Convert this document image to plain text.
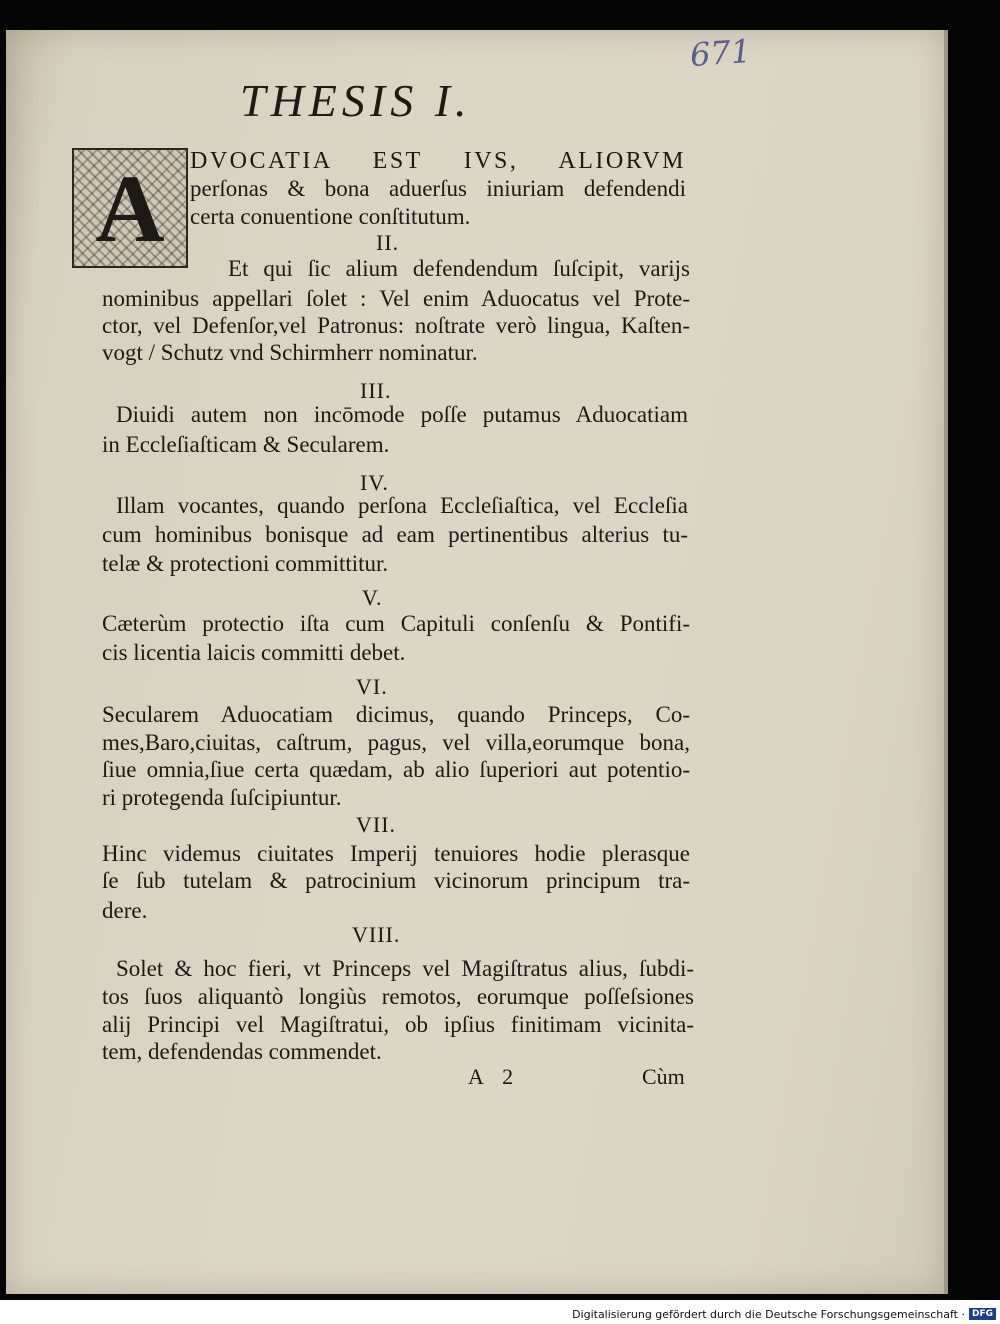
671
THESIS I.
A	DVOCATIA EST IVS, ALIORVM
perſonas & bona aduerſus iniuriam defendendi
certa conuentione conſtitutum.
II.
Et qui ſic alium defendendum ſuſcipit, varijs
nominibus appellari ſolet : Vel enim Aduocatus vel Prote-
ctor, vel Defenſor,vel Patronus: noſtrate verò lingua, Kaſten-
vogt / Schutz vnd Schirmherr nominatur.
III.
Diuidi autem non incōmode poſſe putamus Aduocatiam
in Eccleſiaſticam & Secularem.
IV.
Illam vocantes, quando perſona Eccleſiaſtica, vel Eccleſia
cum hominibus bonisque ad eam pertinentibus alterius tu-
telæ & protectioni committitur.
V.
Cæterùm protectio iſta cum Capituli conſenſu & Pontifi-
cis licentia laicis committi debet.
VI.
Secularem Aduocatiam dicimus, quando Princeps, Co-
mes,Baro,ciuitas, caſtrum, pagus, vel villa,eorumque bona,
ſiue omnia,ſiue certa quædam, ab alio ſuperiori aut potentio-
ri protegenda ſuſcipiuntur.
VII.
Hinc videmus ciuitates Imperij tenuiores hodie plerasque
ſe ſub tutelam & patrocinium vicinorum principum tra-
dere.
VIII.
Solet & hoc fieri, vt Princeps vel Magiſtratus alius, ſubdi-
tos ſuos aliquantò longiùs remotos, eorumque poſſeſsiones
alij Principi vel Magiſtratui, ob ipſius finitimam vicinita-
tem, defendendas commendet.
A 2	Cùm
Digitalisierung gefördert durch die Deutsche Forschungsgemeinschaft · DFG
